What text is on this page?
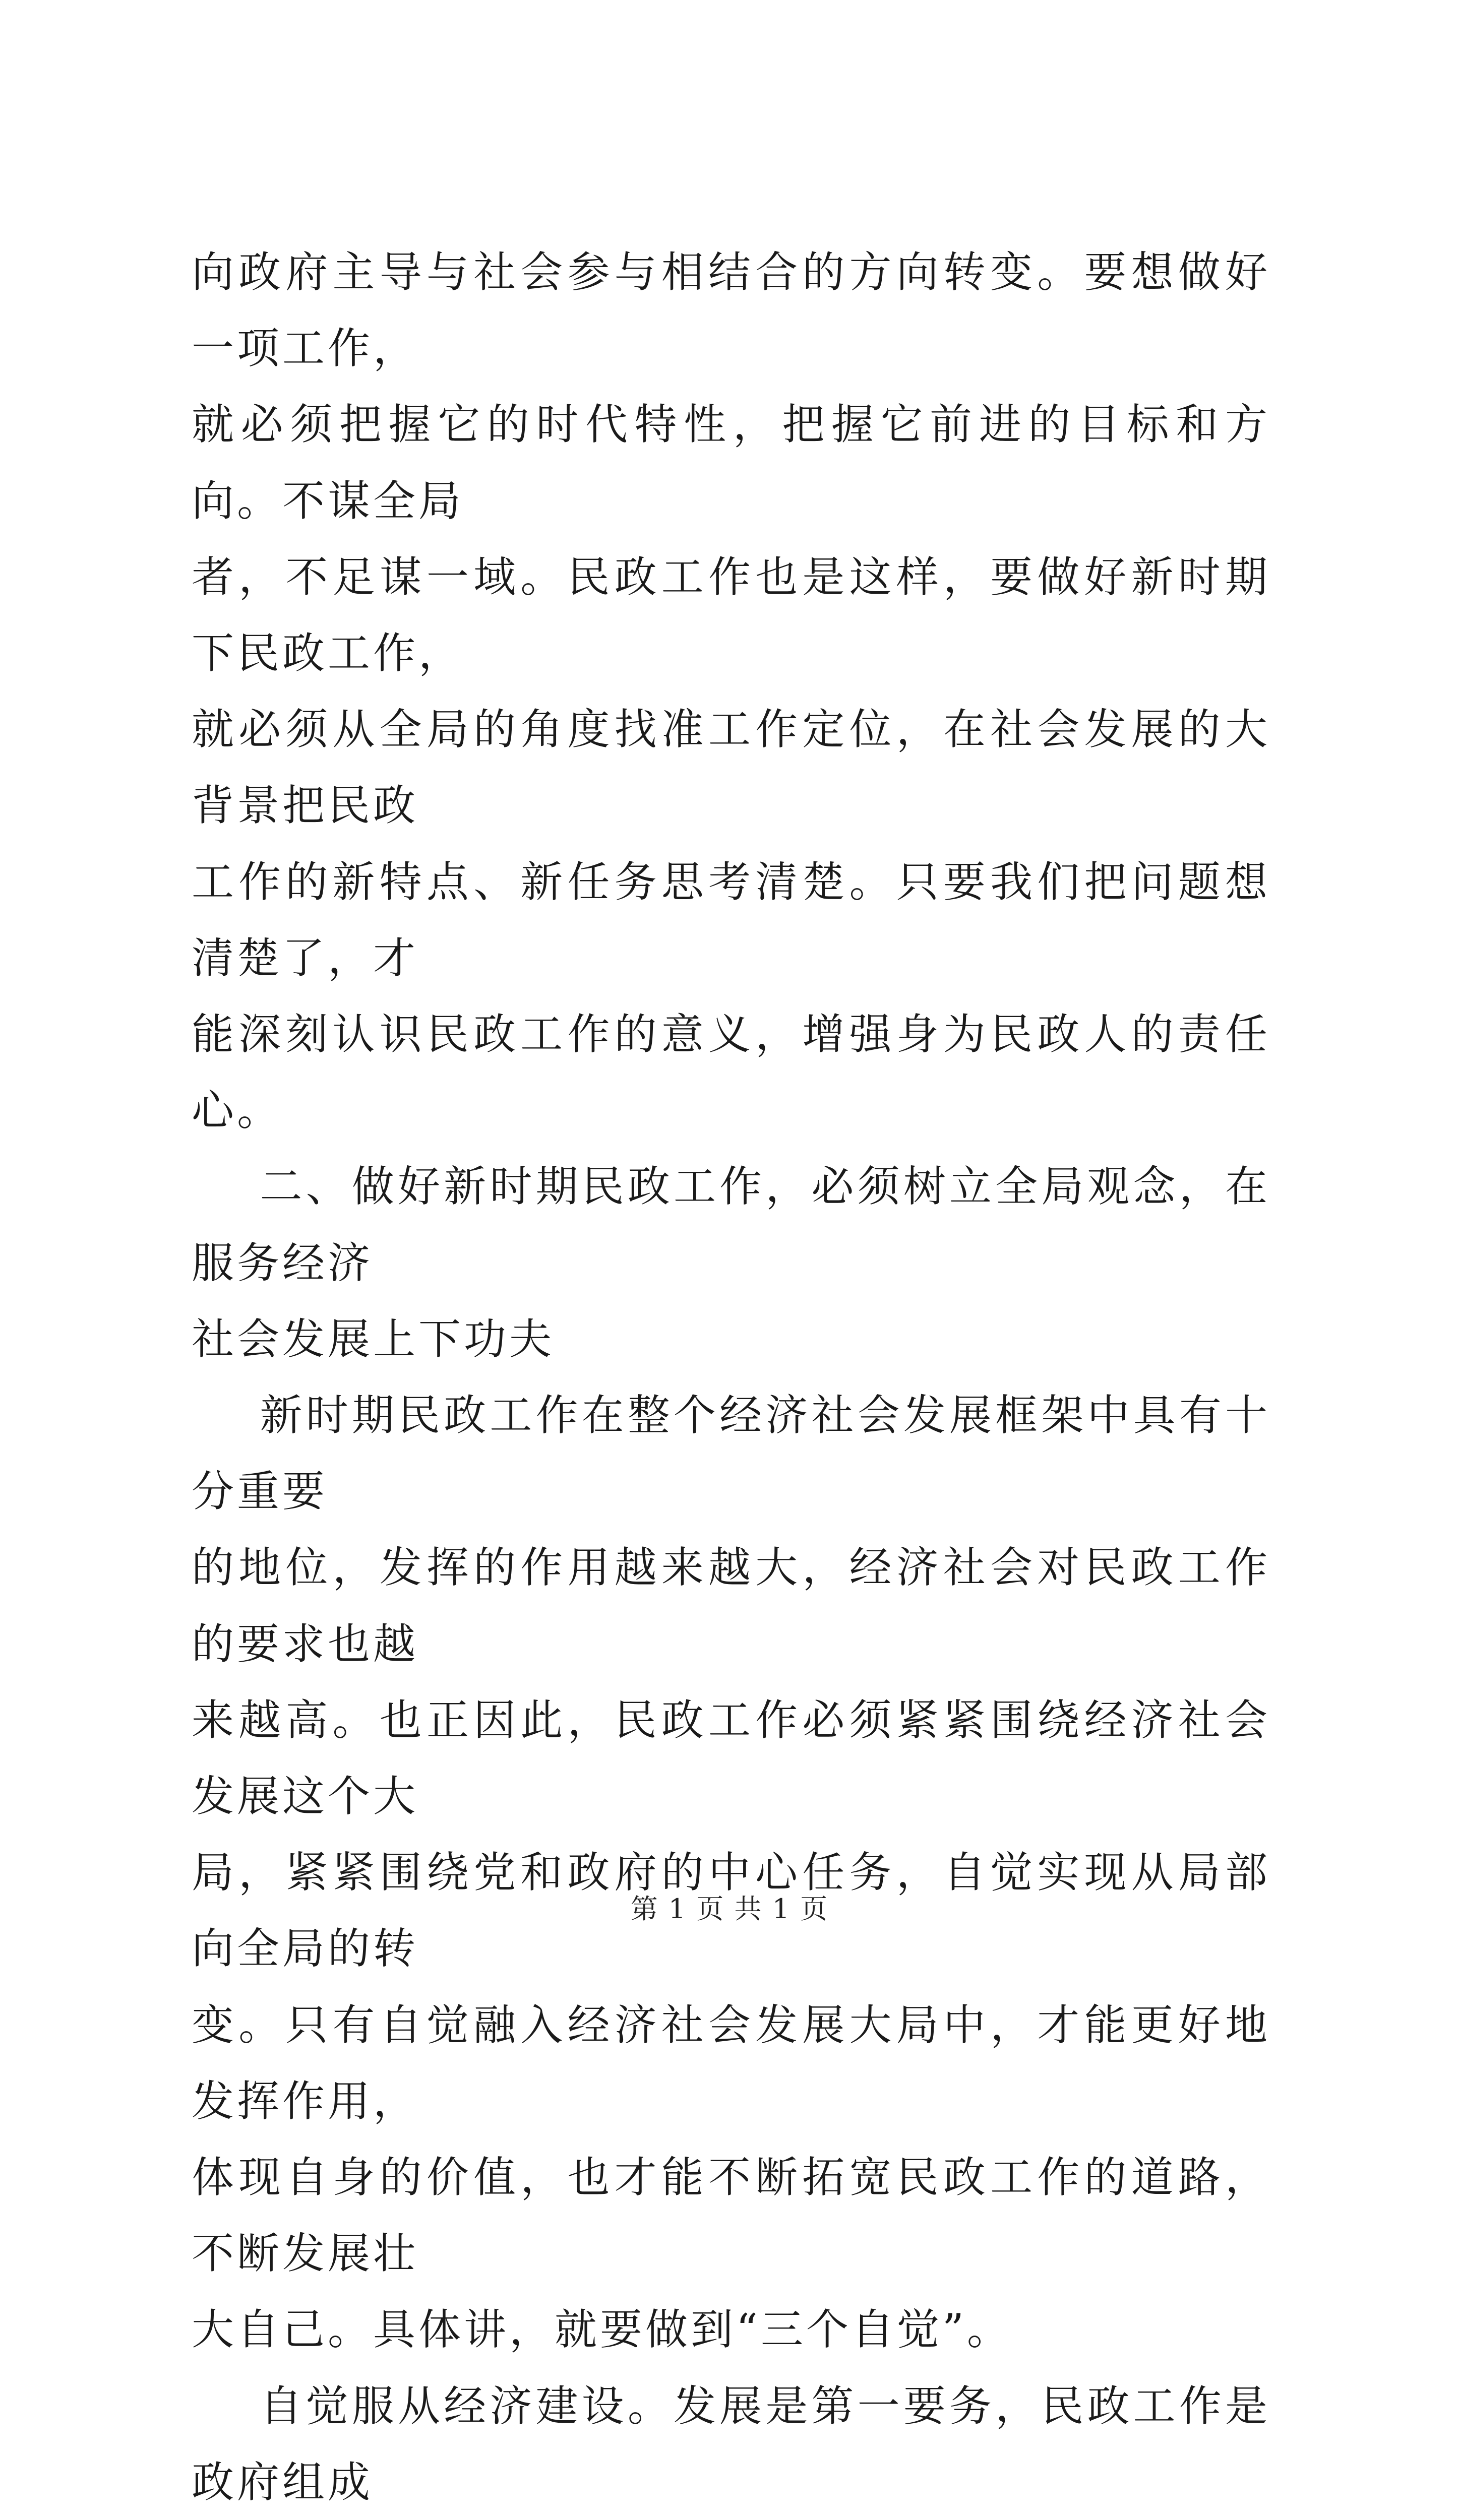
向政府主导与社会参与相结合的方向转变。要想做好一项工作，
就必须把握它的时代特性，把握它前进的目标和方向。不谋全局
者，不足谋一域。民政工作也是这样，要做好新时期下民政工作，
就必须从全局的角度找准工作定位，在社会发展的大背景把民政
工作的新特点、新任务思考清楚。只要我们把问题想清楚了，才
能深刻认识民政工作的意义，增强身为民政人的责任心。

二、做好新时期民政工作，必须树立全局观念，在服务经济
社会发展上下功夫

新时期民政工作在整个经济社会发展框架中具有十分重要
的地位，发挥的作用越来越大，经济社会对民政工作的要求也越
来越高。也正因此，民政工作必须紧紧围绕经济社会发展这个大
局，紧紧围绕党和政府的中心任务，自觉实现从局部向全局的转
变。只有自觉融入经济社会发展大局中，才能更好地发挥作用，
体现自身的价值，也才能不断拓宽民政工作的道路，不断发展壮
大自己。具体讲，就要做到“三个自觉”。

自觉服从经济建设。发展是第一要务，民政工作是政府组成

第 1 页 共 1 页
